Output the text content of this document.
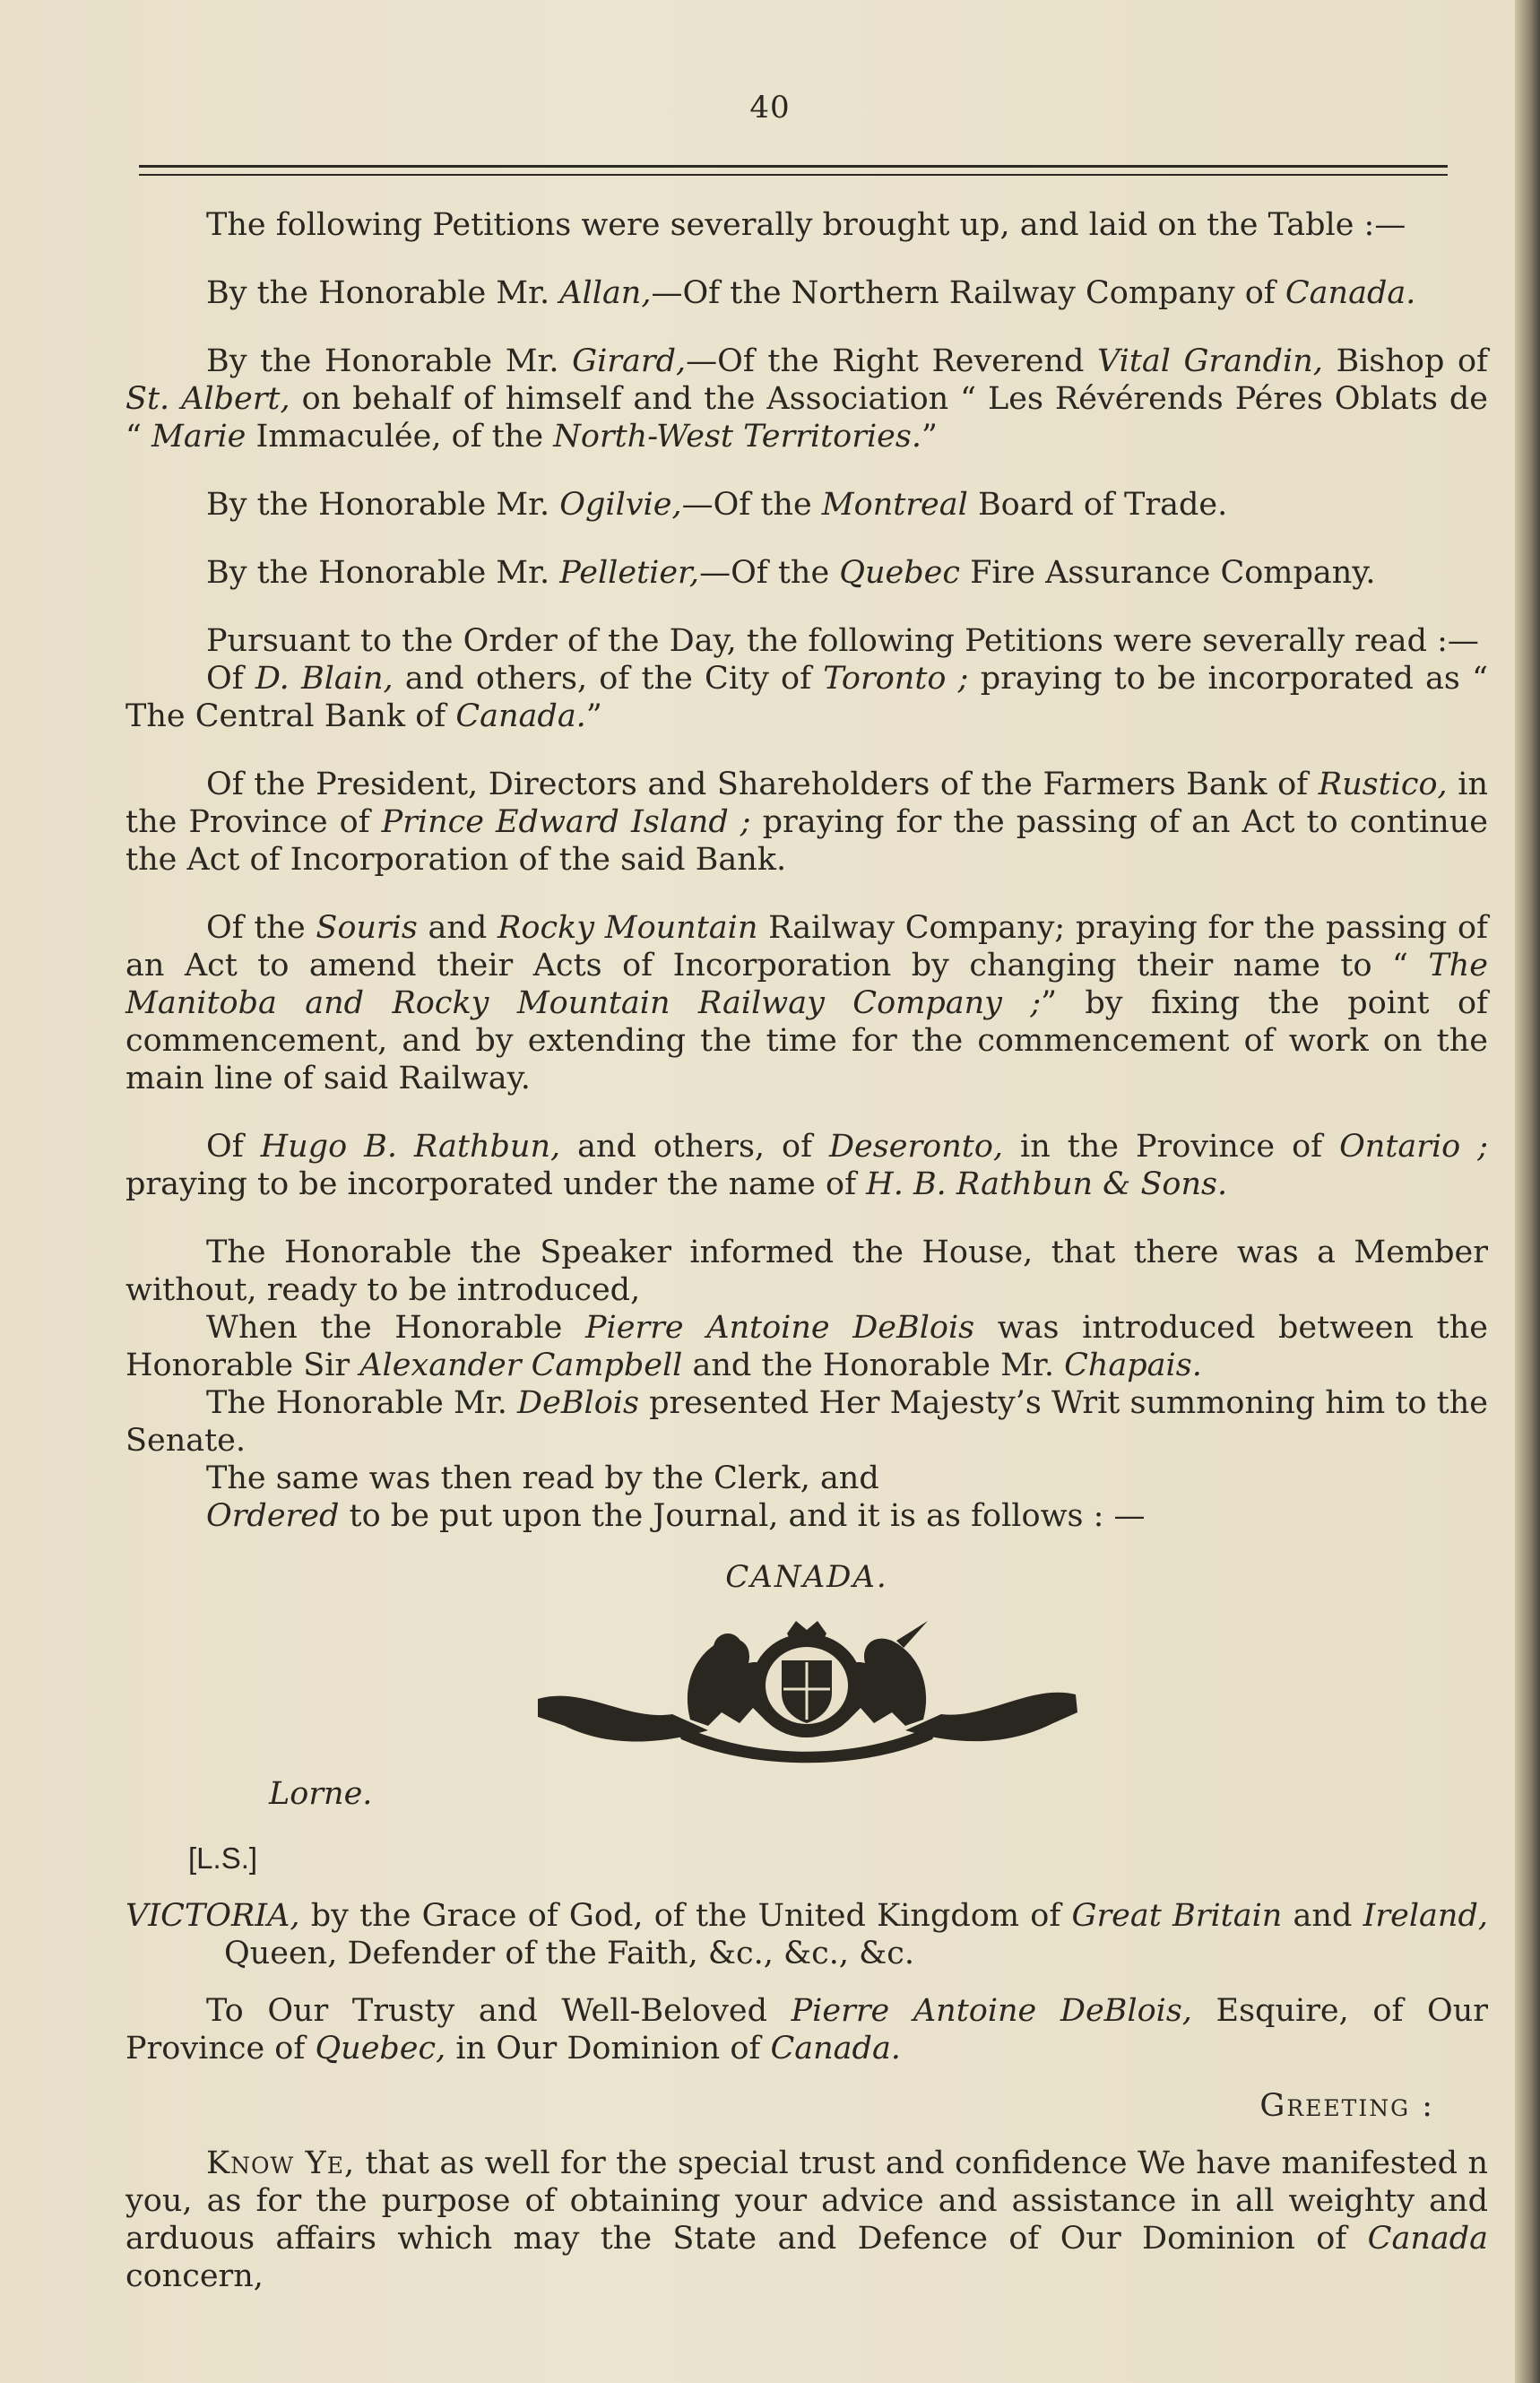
40

The following Petitions were severally brought up, and laid on the Table :—

By the Honorable Mr. Allan,—Of the Northern Railway Company of Canada.

By the Honorable Mr. Girard,—Of the Right Reverend Vital Grandin, Bishop of St. Albert, on behalf of himself and the Association “ Les Révérends Péres Oblats de “ Marie Immaculée, of the North-West Territories.”

By the Honorable Mr. Ogilvie,—Of the Montreal Board of Trade.

By the Honorable Mr. Pelletier,—Of the Quebec Fire Assurance Company.

Pursuant to the Order of the Day, the following Petitions were severally read :—

Of D. Blain, and others, of the City of Toronto ; praying to be incorporated as “ The Central Bank of Canada.”

Of the President, Directors and Shareholders of the Farmers Bank of Rustico, in the Province of Prince Edward Island ; praying for the passing of an Act to continue the Act of Incorporation of the said Bank.

Of the Souris and Rocky Mountain Railway Company; praying for the passing of an Act to amend their Acts of Incorporation by changing their name to “ The Manitoba and Rocky Mountain Railway Company ;” by fixing the point of commencement, and by extending the time for the commencement of work on the main line of said Railway.

Of Hugo B. Rathbun, and others, of Deseronto, in the Province of Ontario ; praying to be incorporated under the name of H. B. Rathbun & Sons.

The Honorable the Speaker informed the House, that there was a Member without, ready to be introduced,

When the Honorable Pierre Antoine DeBlois was introduced between the Honorable Sir Alexander Campbell and the Honorable Mr. Chapais.

The Honorable Mr. DeBlois presented Her Majesty’s Writ summoning him to the Senate.

The same was then read by the Clerk, and

Ordered to be put upon the Journal, and it is as follows : —

CANADA.

Lorne.

[L.S.]

VICTORIA, by the Grace of God, of the United Kingdom of Great Britain and Ireland, Queen, Defender of the Faith, &c., &c., &c.

To Our Trusty and Well-Beloved Pierre Antoine DeBlois, Esquire, of Our Province of Quebec, in Our Dominion of Canada.

Greeting :

Know Ye, that as well for the special trust and confidence We have manifested n you, as for the purpose of obtaining your advice and assistance in all weighty and arduous affairs which may the State and Defence of Our Dominion of Canada concern,
